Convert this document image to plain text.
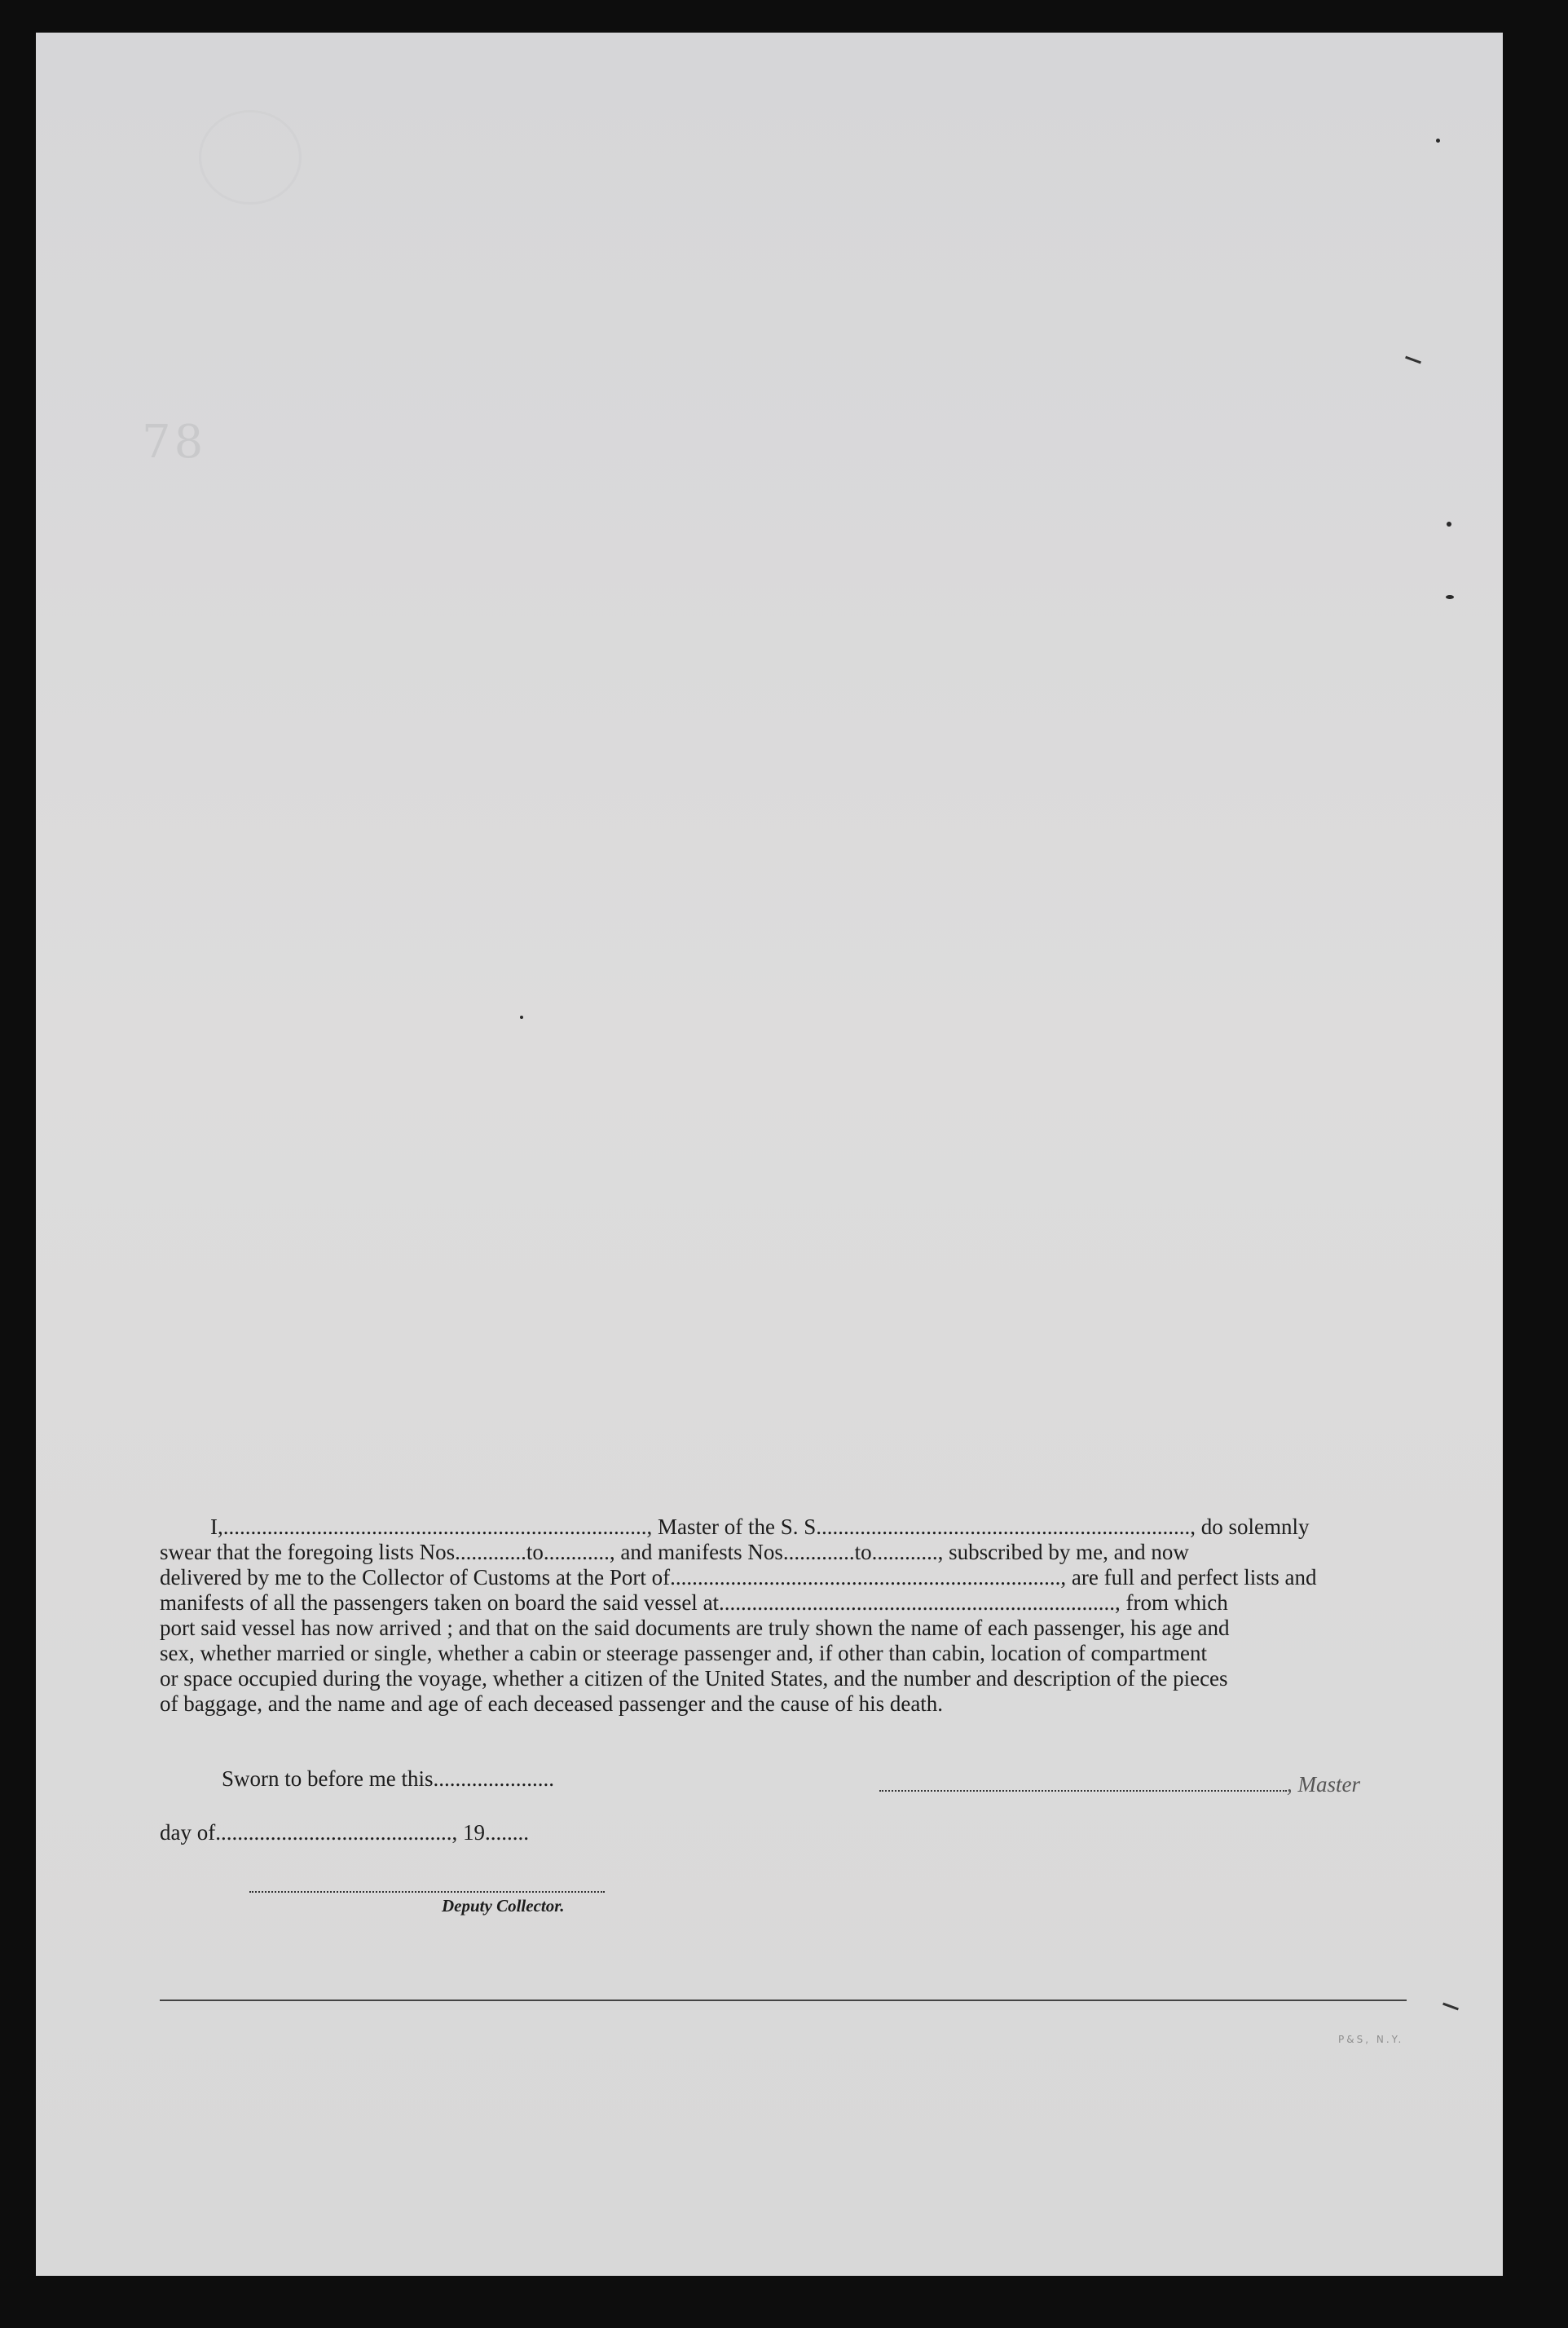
78
I,............................................................................., Master of the S. S...................................................................., do solemnly
swear that the foregoing lists Nos.............to............, and manifests Nos.............to............, subscribed by me, and now
delivered by me to the Collector of Customs at the Port of......................................................................., are full and perfect lists and
manifests of all the passengers taken on board the said vessel at........................................................................, from which
port said vessel has now arrived ; and that on the said documents are truly shown the name of each passenger, his age and
sex, whether married or single, whether a cabin or steerage passenger and, if other than cabin, location of compartment
or space occupied during the voyage, whether a citizen of the United States, and the number and description of the pieces
of baggage, and the name and age of each deceased passenger and the cause of his death.
Sworn to before me this......................	, Master
day of..........................................., 19........
Deputy Collector.
P&S, N.Y.
